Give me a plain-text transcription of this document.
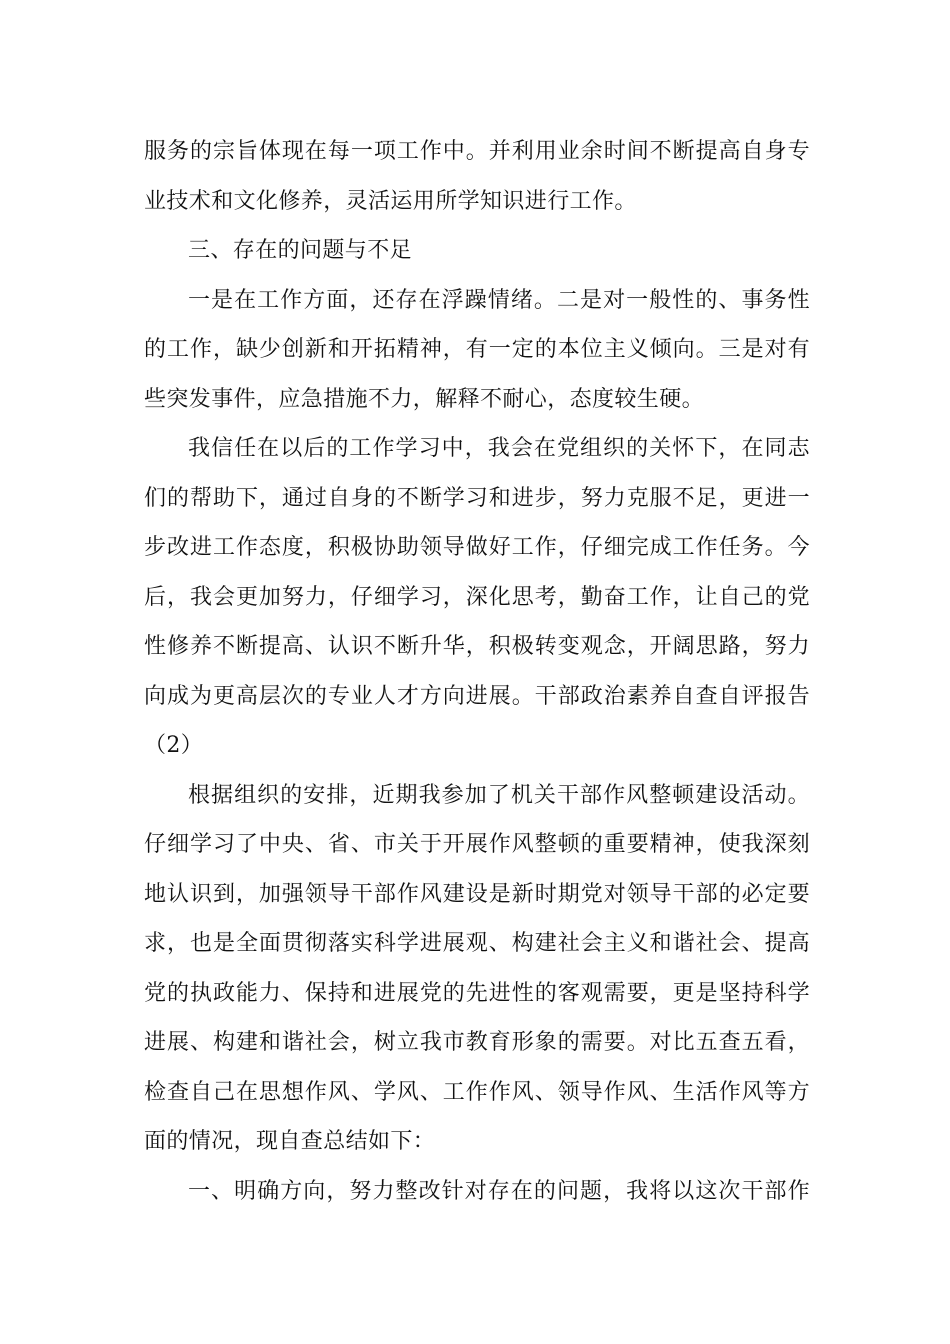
服务的宗旨体现在每一项工作中。并利用业余时间不断提高自身专
业技术和文化修养，灵活运用所学知识进行工作。
三、存在的问题与不足
一是在工作方面，还存在浮躁情绪。二是对一般性的、事务性
的工作，缺少创新和开拓精神，有一定的本位主义倾向。三是对有
些突发事件，应急措施不力，解释不耐心，态度较生硬。
我信任在以后的工作学习中，我会在党组织的关怀下，在同志
们的帮助下，通过自身的不断学习和进步，努力克服不足，更进一
步改进工作态度，积极协助领导做好工作，仔细完成工作任务。今
后，我会更加努力，仔细学习，深化思考，勤奋工作，让自己的党
性修养不断提高、认识不断升华，积极转变观念，开阔思路，努力
向成为更高层次的专业人才方向进展。干部政治素养自查自评报告
（2）
根据组织的安排，近期我参加了机关干部作风整顿建设活动。
仔细学习了中央、省、市关于开展作风整顿的重要精神，使我深刻
地认识到，加强领导干部作风建设是新时期党对领导干部的必定要
求，也是全面贯彻落实科学进展观、构建社会主义和谐社会、提高
党的执政能力、保持和进展党的先进性的客观需要，更是坚持科学
进展、构建和谐社会，树立我市教育形象的需要。对比五查五看，
检查自己在思想作风、学风、工作作风、领导作风、生活作风等方
面的情况，现自查总结如下：
一、明确方向，努力整改针对存在的问题，我将以这次干部作
